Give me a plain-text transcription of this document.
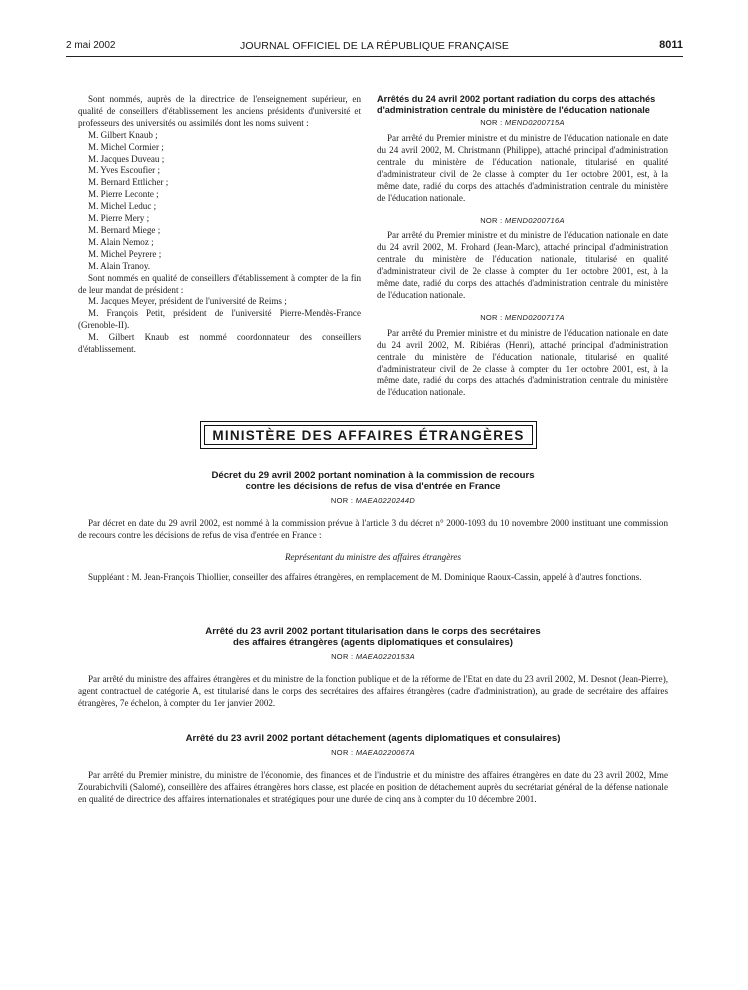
2 mai 2002	JOURNAL OFFICIEL DE LA RÉPUBLIQUE FRANÇAISE	8011

Sont nommés, auprès de la directrice de l'enseignement supérieur, en qualité de conseillers d'établissement les anciens présidents d'université et professeurs des universités ou assimilés dont les noms suivent :

M. Gilbert Knaub ;

M. Michel Cormier ;

M. Jacques Duveau ;

M. Yves Escoufier ;

M. Bernard Ettlicher ;

M. Pierre Leconte ;

M. Michel Leduc ;

M. Pierre Mery ;

M. Bernard Miege ;

M. Alain Nemoz ;

M. Michel Peyrere ;

M. Alain Tranoy.

Sont nommés en qualité de conseillers d'établissement à compter de la fin de leur mandat de président :

M. Jacques Meyer, président de l'université de Reims ;

M. François Petit, président de l'université Pierre-Mendès-France (Grenoble-II).

M. Gilbert Knaub est nommé coordonnateur des conseillers d'établissement.

Arrêtés du 24 avril 2002 portant radiation du corps des attachés d'administration centrale du ministère de l'éducation nationale

NOR : MEND0200715A

Par arrêté du Premier ministre et du ministre de l'éducation nationale en date du 24 avril 2002, M. Christmann (Philippe), attaché principal d'administration centrale du ministère de l'éducation nationale, titularisé en qualité d'administrateur civil de 2e classe à compter du 1er octobre 2001, est, à la même date, radié du corps des attachés d'administration centrale du ministère de l'éducation nationale.

NOR : MEND0200716A

Par arrêté du Premier ministre et du ministre de l'éducation nationale en date du 24 avril 2002, M. Frohard (Jean-Marc), attaché principal d'administration centrale du ministère de l'éducation nationale, titularisé en qualité d'administrateur civil de 2e classe à compter du 1er octobre 2001, est, à la même date, radié du corps des attachés d'administration centrale du ministère de l'éducation nationale.

NOR : MEND0200717A

Par arrêté du Premier ministre et du ministre de l'éducation nationale en date du 24 avril 2002, M. Ribiéras (Henri), attaché principal d'administration centrale du ministère de l'éducation nationale, titularisé en qualité d'administrateur civil de 2e classe à compter du 1er octobre 2001, est, à la même date, radié du corps des attachés d'administration centrale du ministère de l'éducation nationale.

MINISTÈRE DES AFFAIRES ÉTRANGÈRES

Décret du 29 avril 2002 portant nomination à la commission de recours

contre les décisions de refus de visa d'entrée en France

NOR : MAEA0220244D

Par décret en date du 29 avril 2002, est nommé à la commission prévue à l'article 3 du décret n° 2000-1093 du 10 novembre 2000 instituant une commission de recours contre les décisions de refus de visa d'entrée en France :

Représentant du ministre des affaires étrangères

Suppléant : M. Jean-François Thiollier, conseiller des affaires étrangères, en remplacement de M. Dominique Raoux-Cassin, appelé à d'autres fonctions.

Arrêté du 23 avril 2002 portant titularisation dans le corps des secrétaires

des affaires étrangères (agents diplomatiques et consulaires)

NOR : MAEA0220153A

Par arrêté du ministre des affaires étrangères et du ministre de la fonction publique et de la réforme de l'Etat en date du 23 avril 2002, M. Desnot (Jean-Pierre), agent contractuel de catégorie A, est titularisé dans le corps des secrétaires des affaires étrangères (cadre d'administration), au grade de secrétaire des affaires étrangères, 7e échelon, à compter du 1er janvier 2002.

Arrêté du 23 avril 2002 portant détachement (agents diplomatiques et consulaires)

NOR : MAEA0220067A

Par arrêté du Premier ministre, du ministre de l'économie, des finances et de l'industrie et du ministre des affaires étrangères en date du 23 avril 2002, Mme Zourabichvili (Salomé), conseillère des affaires étrangères hors classe, est placée en position de détachement auprès du secrétariat général de la défense nationale en qualité de directrice des affaires internationales et stratégiques pour une durée de cinq ans à compter du 10 décembre 2001.
